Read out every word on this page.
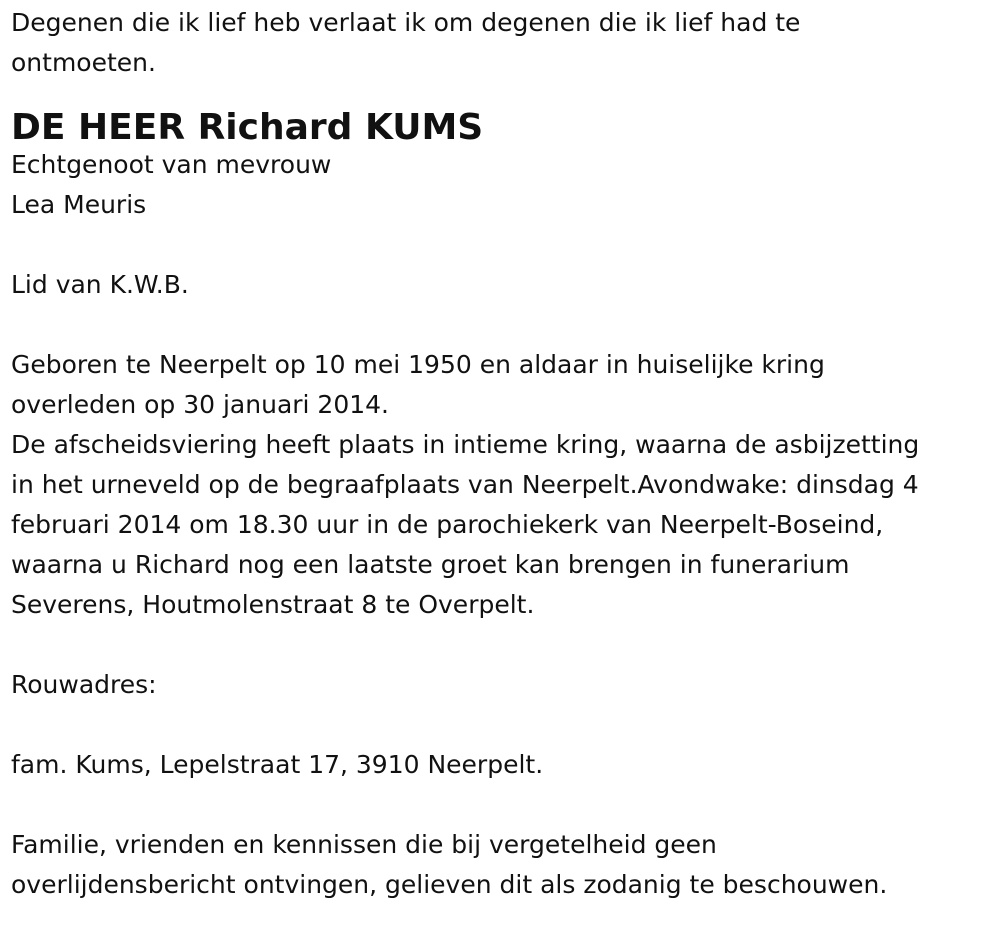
Degenen die ik lief heb verlaat ik om degenen die ik lief had te

ontmoeten.

DE HEER Richard KUMS

Echtgenoot van mevrouw

Lea Meuris

Lid van K.W.B.

Geboren te Neerpelt op 10 mei 1950 en aldaar in huiselijke kring

overleden op 30 januari 2014.

De afscheidsviering heeft plaats in intieme kring, waarna de asbijzetting

in het urneveld op de begraafplaats van Neerpelt.Avondwake: dinsdag 4

februari 2014 om 18.30 uur in de parochiekerk van Neerpelt-Boseind,

waarna u Richard nog een laatste groet kan brengen in funerarium

Severens, Houtmolenstraat 8 te Overpelt.

Rouwadres:

fam. Kums, Lepelstraat 17, 3910 Neerpelt.

Familie, vrienden en kennissen die bij vergetelheid geen

overlijdensbericht ontvingen, gelieven dit als zodanig te beschouwen.
